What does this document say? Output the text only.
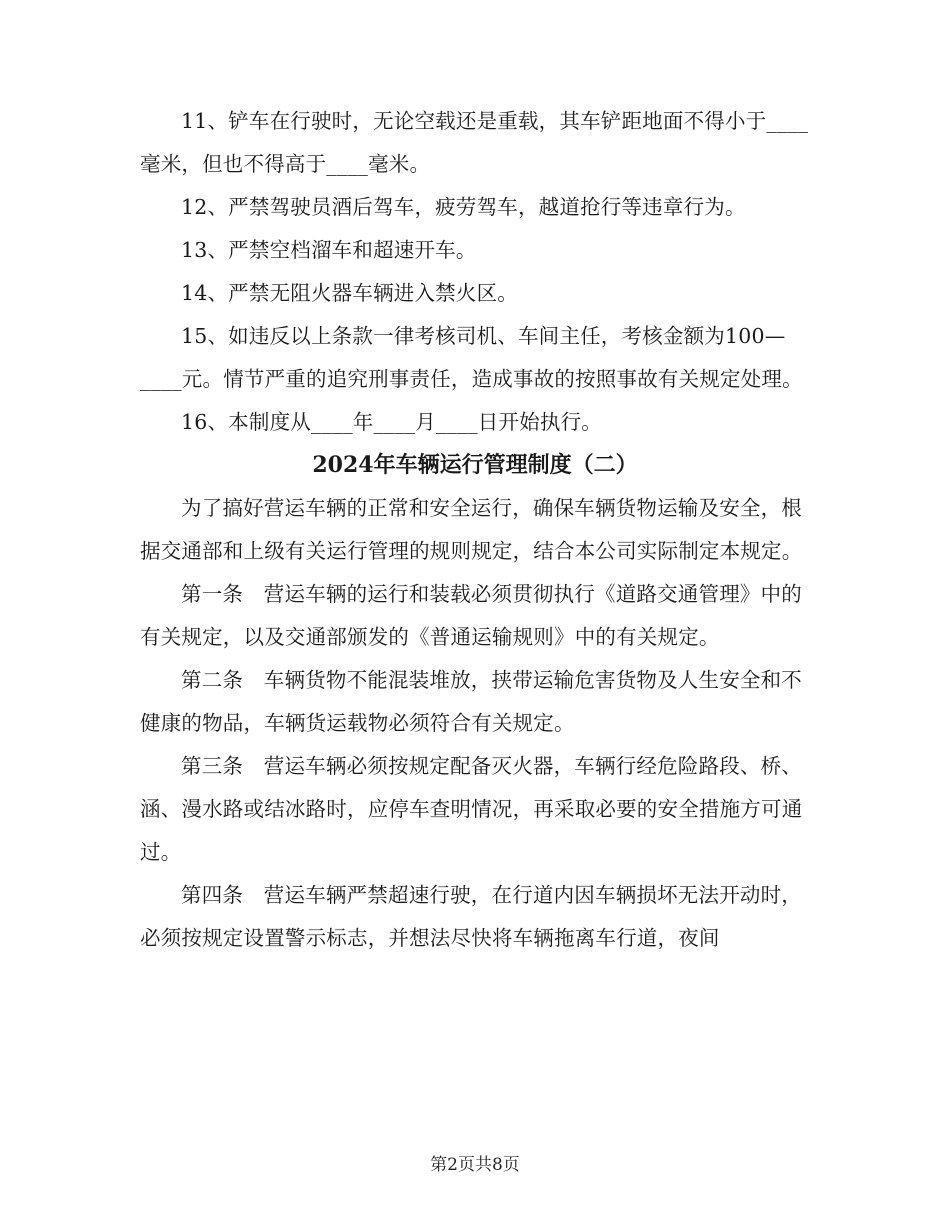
11、铲车在行驶时，无论空载还是重载，其车铲距地面不得小于____毫米，但也不得高于____毫米。

12、严禁驾驶员酒后驾车，疲劳驾车，越道抢行等违章行为。

13、严禁空档溜车和超速开车。

14、严禁无阻火器车辆进入禁火区。

15、如违反以上条款一律考核司机、车间主任，考核金额为100—____元。情节严重的追究刑事责任，造成事故的按照事故有关规定处理。

16、本制度从____年____月____日开始执行。

2024年车辆运行管理制度（二）

为了搞好营运车辆的正常和安全运行，确保车辆货物运输及安全，根据交通部和上级有关运行管理的规则规定，结合本公司实际制定本规定。

第一条　营运车辆的运行和装载必须贯彻执行《道路交通管理》中的有关规定，以及交通部颁发的《普通运输规则》中的有关规定。

第二条　车辆货物不能混装堆放，挟带运输危害货物及人生安全和不健康的物品，车辆货运载物必须符合有关规定。

第三条　营运车辆必须按规定配备灭火器，车辆行经危险路段、桥、涵、漫水路或结冰路时，应停车查明情况，再采取必要的安全措施方可通过。

第四条　营运车辆严禁超速行驶，在行道内因车辆损坏无法开动时，必须按规定设置警示标志，并想法尽快将车辆拖离车行道，夜间

第2页共8页
